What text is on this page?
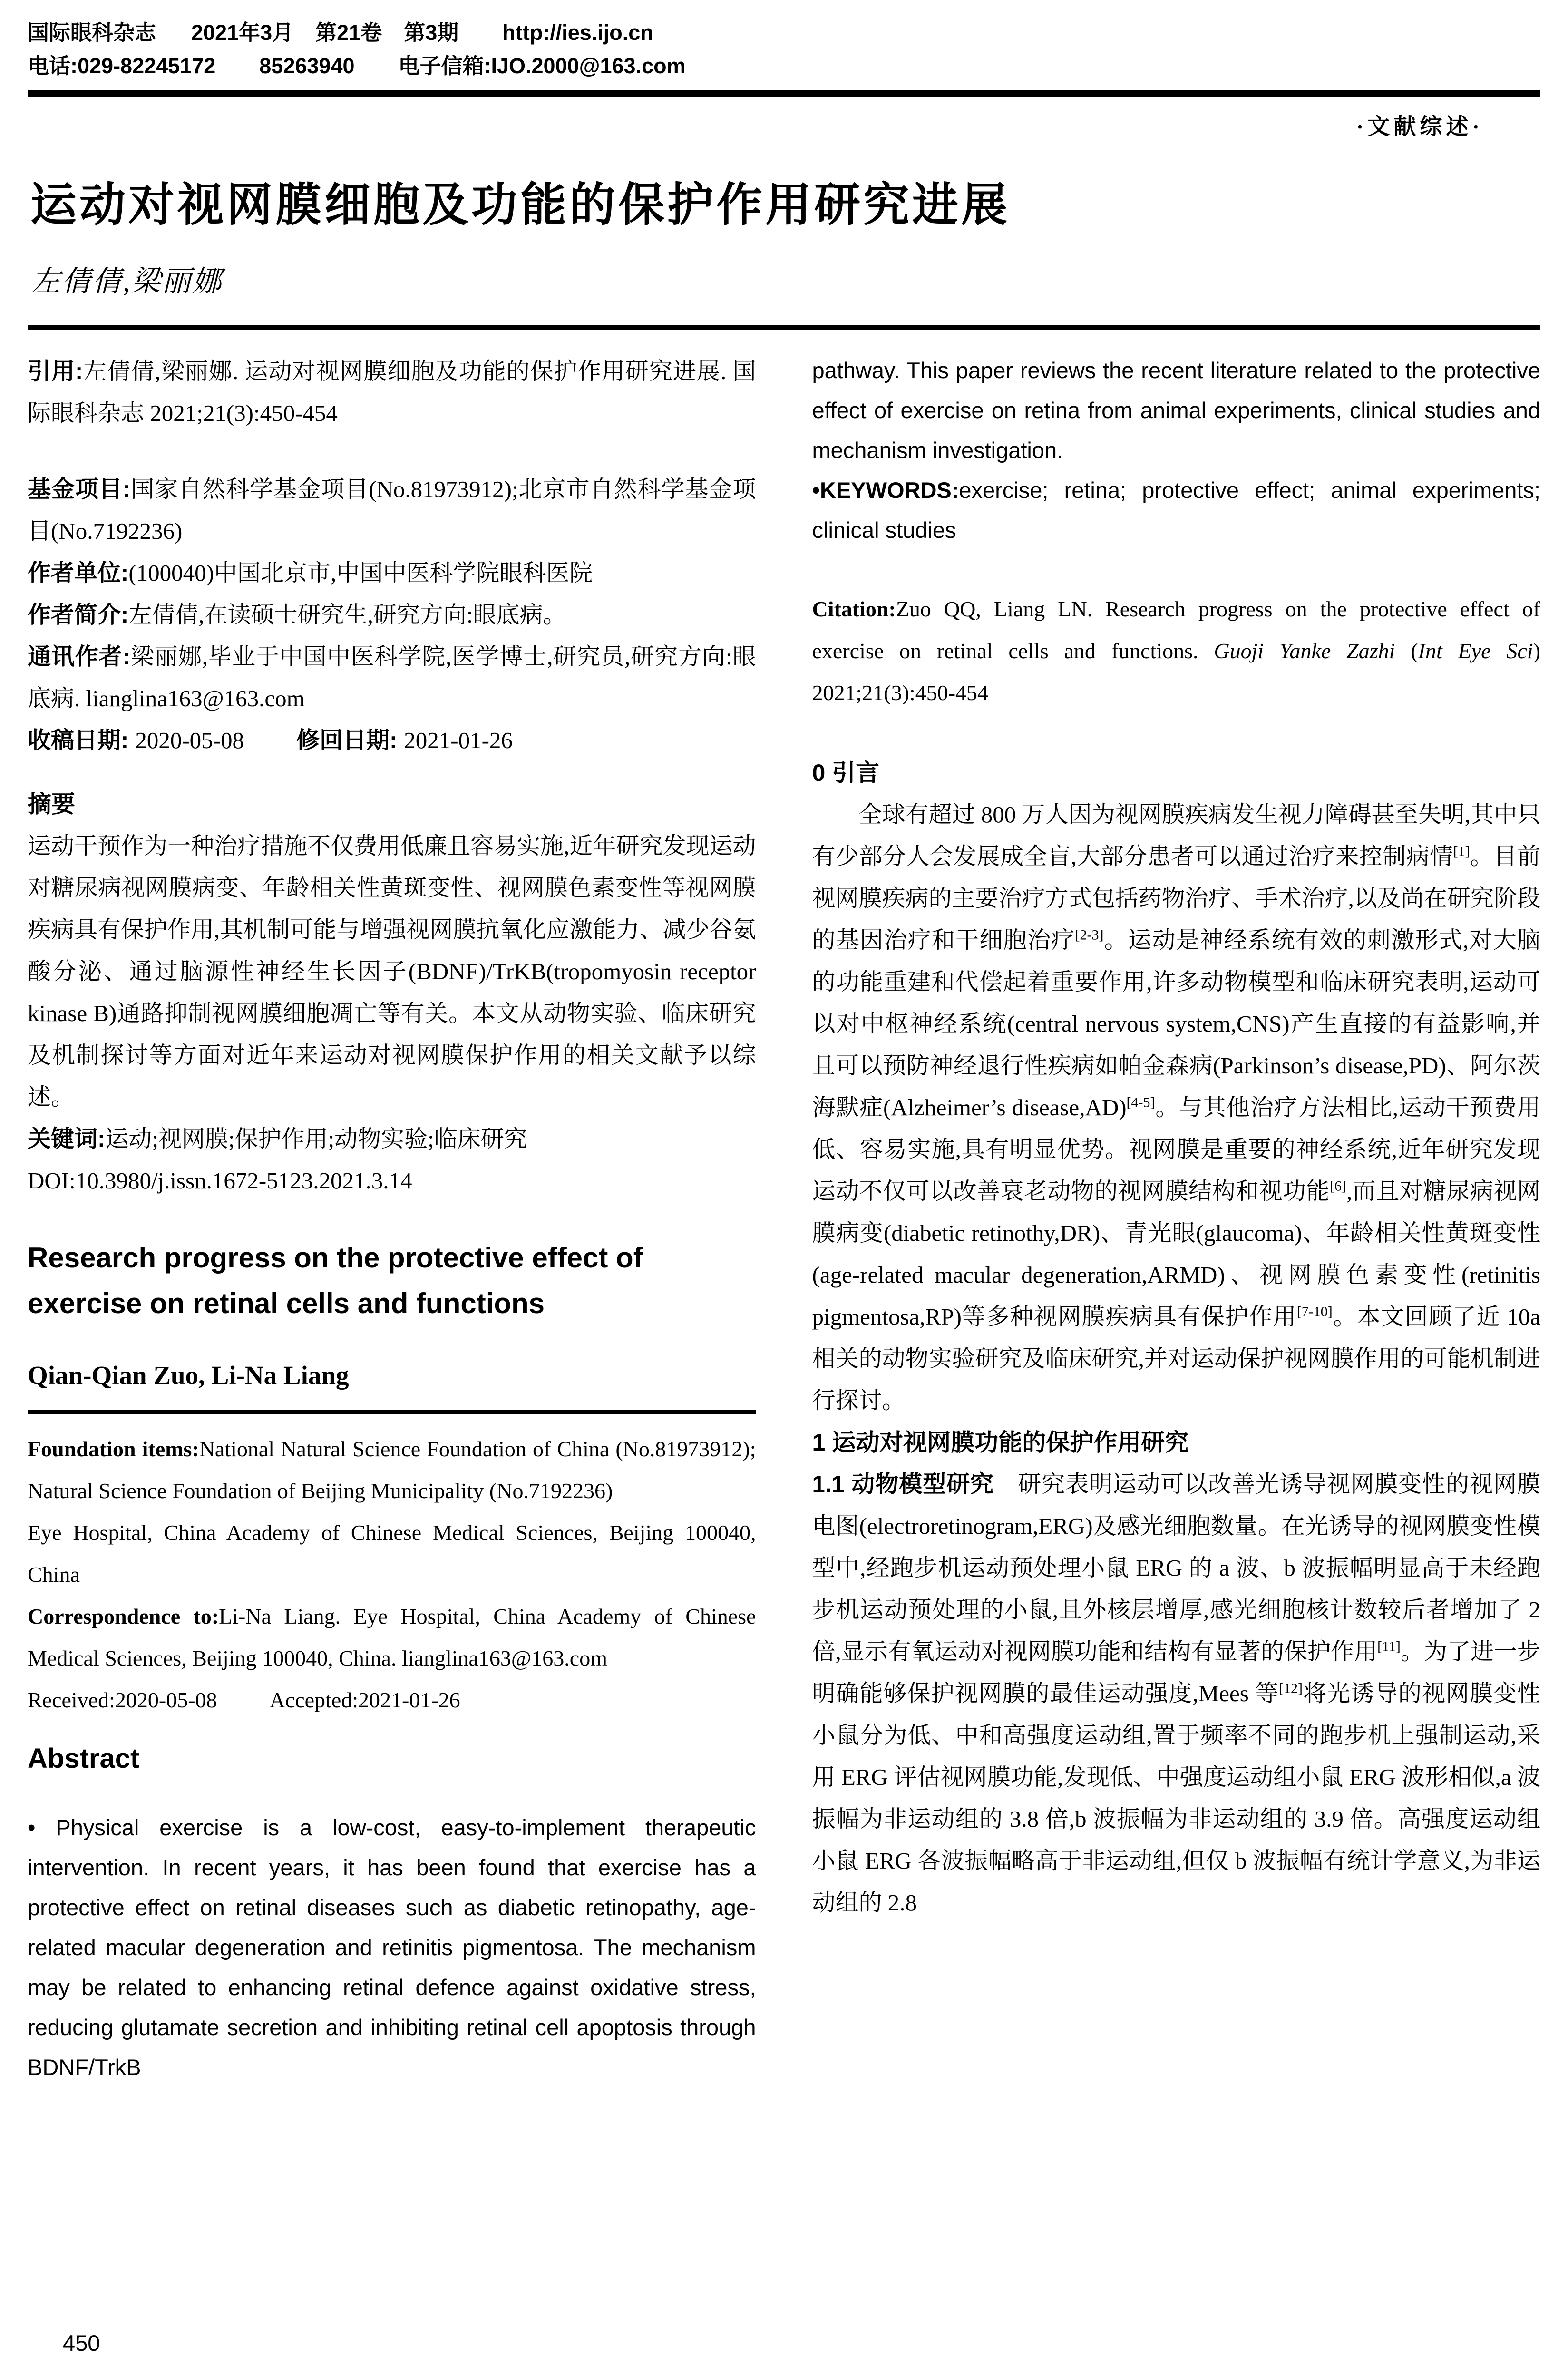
国际眼科杂志 2021年3月 第21卷 第3期 http://ies.ijo.cn
电话:029-82245172 85263940 电子信箱:IJO.2000@163.com
·文献综述·
运动对视网膜细胞及功能的保护作用研究进展
左倩倩,梁丽娜

引用:左倩倩,梁丽娜. 运动对视网膜细胞及功能的保护作用研究进展. 国际眼科杂志 2021;21(3):450-454

基金项目:国家自然科学基金项目(No.81973912);北京市自然科学基金项目(No.7192236)

作者单位:(100040)中国北京市,中国中医科学院眼科医院

作者简介:左倩倩,在读硕士研究生,研究方向:眼底病。

通讯作者:梁丽娜,毕业于中国中医科学院,医学博士,研究员,研究方向:眼底病. lianglina163@163.com

收稿日期: 2020-05-08 修回日期: 2021-01-26

摘要

运动干预作为一种治疗措施不仅费用低廉且容易实施,近年研究发现运动对糖尿病视网膜病变、年龄相关性黄斑变性、视网膜色素变性等视网膜疾病具有保护作用,其机制可能与增强视网膜抗氧化应激能力、减少谷氨酸分泌、通过脑源性神经生长因子(BDNF)/TrKB(tropomyosin receptor kinase B)通路抑制视网膜细胞凋亡等有关。本文从动物实验、临床研究及机制探讨等方面对近年来运动对视网膜保护作用的相关文献予以综述。

关键词:运动;视网膜;保护作用;动物实验;临床研究

DOI:10.3980/j.issn.1672-5123.2021.3.14

Research progress on the protective effect of exercise on retinal cells and functions

Qian-Qian Zuo, Li-Na Liang

Foundation items:National Natural Science Foundation of China (No.81973912); Natural Science Foundation of Beijing Municipality (No.7192236)

Eye Hospital, China Academy of Chinese Medical Sciences, Beijing 100040, China

Correspondence to:Li-Na Liang. Eye Hospital, China Academy of Chinese Medical Sciences, Beijing 100040, China. lianglina163@163.com

Received:2020-05-08 Accepted:2021-01-26

Abstract

• Physical exercise is a low-cost, easy-to-implement therapeutic intervention. In recent years, it has been found that exercise has a protective effect on retinal diseases such as diabetic retinopathy, age-related macular degeneration and retinitis pigmentosa. The mechanism may be related to enhancing retinal defence against oxidative stress, reducing glutamate secretion and inhibiting retinal cell apoptosis through BDNF/TrkB

pathway. This paper reviews the recent literature related to the protective effect of exercise on retina from animal experiments, clinical studies and mechanism investigation.

•KEYWORDS:exercise; retina; protective effect; animal experiments; clinical studies

Citation:Zuo QQ, Liang LN. Research progress on the protective effect of exercise on retinal cells and functions. Guoji Yanke Zazhi (Int Eye Sci) 2021;21(3):450-454

0 引言

全球有超过 800 万人因为视网膜疾病发生视力障碍甚至失明,其中只有少部分人会发展成全盲,大部分患者可以通过治疗来控制病情[1]。目前视网膜疾病的主要治疗方式包括药物治疗、手术治疗,以及尚在研究阶段的基因治疗和干细胞治疗[2-3]。运动是神经系统有效的刺激形式,对大脑的功能重建和代偿起着重要作用,许多动物模型和临床研究表明,运动可以对中枢神经系统(central nervous system,CNS)产生直接的有益影响,并且可以预防神经退行性疾病如帕金森病(Parkinson’s disease,PD)、阿尔茨海默症(Alzheimer’s disease,AD)[4-5]。与其他治疗方法相比,运动干预费用低、容易实施,具有明显优势。视网膜是重要的神经系统,近年研究发现运动不仅可以改善衰老动物的视网膜结构和视功能[6],而且对糖尿病视网膜病变(diabetic retinothy,DR)、青光眼(glaucoma)、年龄相关性黄斑变性(age-related macular degeneration,ARMD)、视网膜色素变性(retinitis pigmentosa,RP)等多种视网膜疾病具有保护作用[7-10]。本文回顾了近 10a 相关的动物实验研究及临床研究,并对运动保护视网膜作用的可能机制进行探讨。

1 运动对视网膜功能的保护作用研究

1.1 动物模型研究　研究表明运动可以改善光诱导视网膜变性的视网膜电图(electroretinogram,ERG)及感光细胞数量。在光诱导的视网膜变性模型中,经跑步机运动预处理小鼠 ERG 的 a 波、b 波振幅明显高于未经跑步机运动预处理的小鼠,且外核层增厚,感光细胞核计数较后者增加了 2 倍,显示有氧运动对视网膜功能和结构有显著的保护作用[11]。为了进一步明确能够保护视网膜的最佳运动强度,Mees 等[12]将光诱导的视网膜变性小鼠分为低、中和高强度运动组,置于频率不同的跑步机上强制运动,采用 ERG 评估视网膜功能,发现低、中强度运动组小鼠 ERG 波形相似,a 波振幅为非运动组的 3.8 倍,b 波振幅为非运动组的 3.9 倍。高强度运动组小鼠 ERG 各波振幅略高于非运动组,但仅 b 波振幅有统计学意义,为非运动组的 2.8

450
